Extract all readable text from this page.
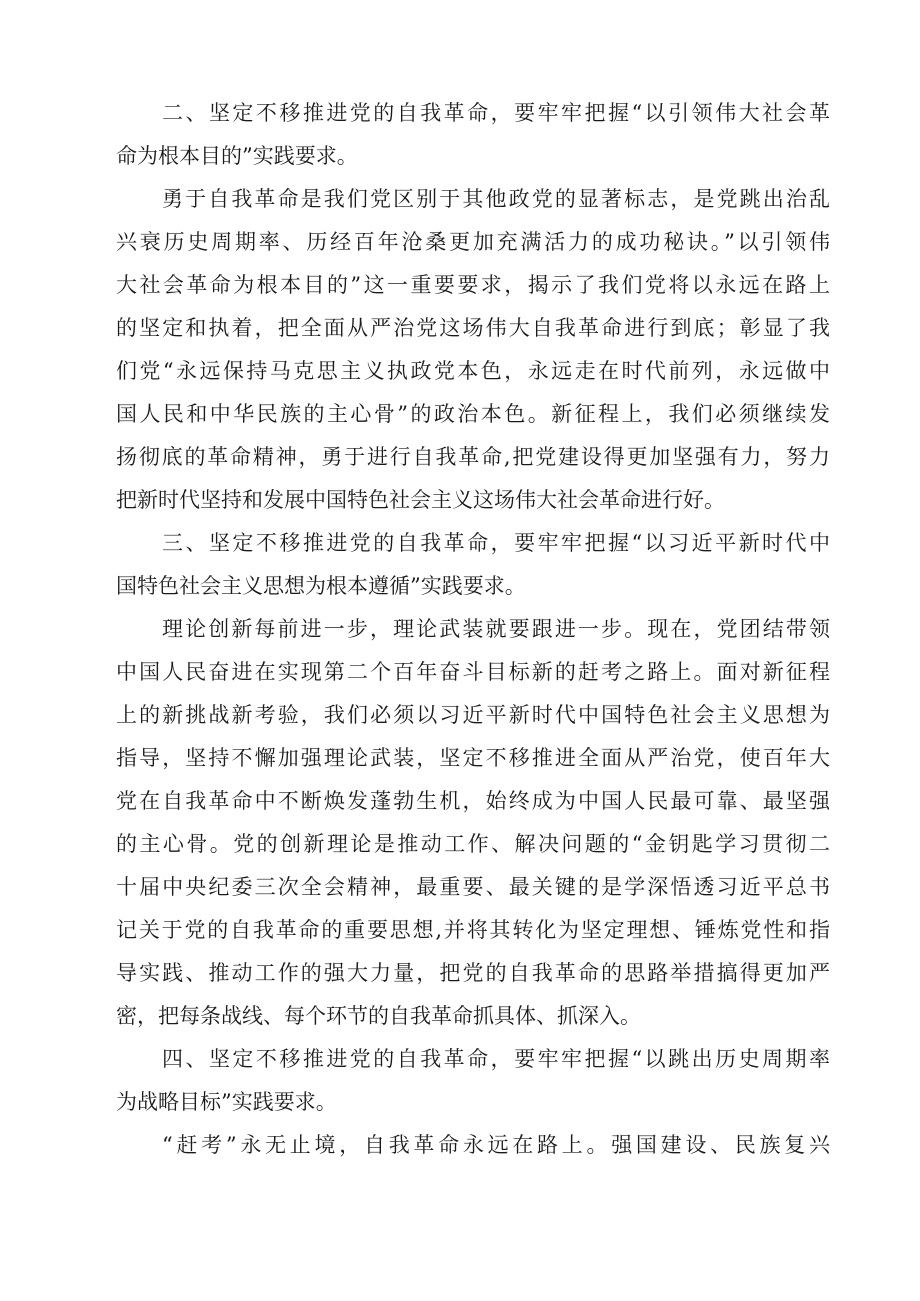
二、坚定不移推进党的自我革命，要牢牢把握“以引领伟大社会革
命为根本目的”实践要求。
勇于自我革命是我们党区别于其他政党的显著标志，是党跳出治乱
兴衰历史周期率、历经百年沧桑更加充满活力的成功秘诀。”以引领伟
大社会革命为根本目的”这一重要要求，揭示了我们党将以永远在路上
的坚定和执着，把全面从严治党这场伟大自我革命进行到底；彰显了我
们党“永远保持马克思主义执政党本色，永远走在时代前列，永远做中
国人民和中华民族的主心骨”的政治本色。新征程上，我们必须继续发
扬彻底的革命精神，勇于进行自我革命,把党建设得更加坚强有力，努力
把新时代坚持和发展中国特色社会主义这场伟大社会革命进行好。
三、坚定不移推进党的自我革命，要牢牢把握“以习近平新时代中
国特色社会主义思想为根本遵循”实践要求。
理论创新每前进一步，理论武装就要跟进一步。现在，党团结带领
中国人民奋进在实现第二个百年奋斗目标新的赶考之路上。面对新征程
上的新挑战新考验，我们必须以习近平新时代中国特色社会主义思想为
指导，坚持不懈加强理论武装，坚定不移推进全面从严治党，使百年大
党在自我革命中不断焕发蓬勃生机，始终成为中国人民最可靠、最坚强
的主心骨。党的创新理论是推动工作、解决问题的“金钥匙学习贯彻二
十届中央纪委三次全会精神，最重要、最关键的是学深悟透习近平总书
记关于党的自我革命的重要思想,并将其转化为坚定理想、锤炼党性和指
导实践、推动工作的强大力量，把党的自我革命的思路举措搞得更加严
密，把每条战线、每个环节的自我革命抓具体、抓深入。
四、坚定不移推进党的自我革命，要牢牢把握“以跳出历史周期率
为战略目标”实践要求。
“赶考”永无止境，自我革命永远在路上。强国建设、民族复兴
